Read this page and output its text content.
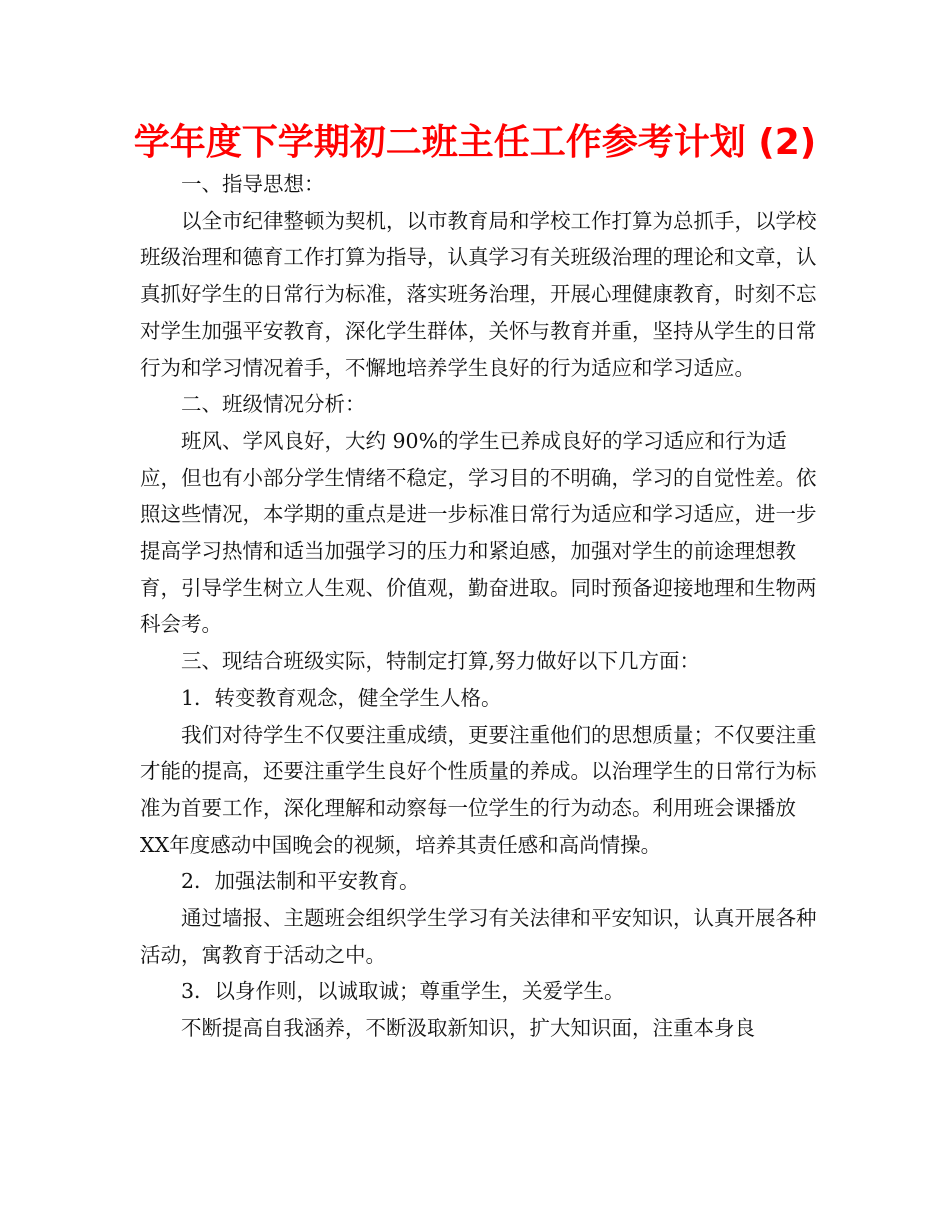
学年度下学期初二班主任工作参考计划 (2)

一、指导思想：

以全市纪律整顿为契机，以市教育局和学校工作打算为总抓手，以学校班级治理和德育工作打算为指导，认真学习有关班级治理的理论和文章，认真抓好学生的日常行为标准，落实班务治理，开展心理健康教育，时刻不忘对学生加强平安教育，深化学生群体，关怀与教育并重，坚持从学生的日常行为和学习情况着手，不懈地培养学生良好的行为适应和学习适应。

二、班级情况分析：

班风、学风良好，大约 90%的学生已养成良好的学习适应和行为适应，但也有小部分学生情绪不稳定，学习目的不明确，学习的自觉性差。依照这些情况，本学期的重点是进一步标准日常行为适应和学习适应，进一步提高学习热情和适当加强学习的压力和紧迫感，加强对学生的前途理想教育，引导学生树立人生观、价值观，勤奋进取。同时预备迎接地理和生物两科会考。

三、现结合班级实际，特制定打算,努力做好以下几方面：

1．转变教育观念，健全学生人格。

我们对待学生不仅要注重成绩，更要注重他们的思想质量；不仅要注重才能的提高，还要注重学生良好个性质量的养成。以治理学生的日常行为标准为首要工作，深化理解和动察每一位学生的行为动态。利用班会课播放XX年度感动中国晚会的视频，培养其责任感和高尚情操。

2．加强法制和平安教育。

通过墙报、主题班会组织学生学习有关法律和平安知识，认真开展各种活动，寓教育于活动之中。

3．以身作则，以诚取诚；尊重学生，关爱学生。

不断提高自我涵养，不断汲取新知识，扩大知识面，注重本身良
